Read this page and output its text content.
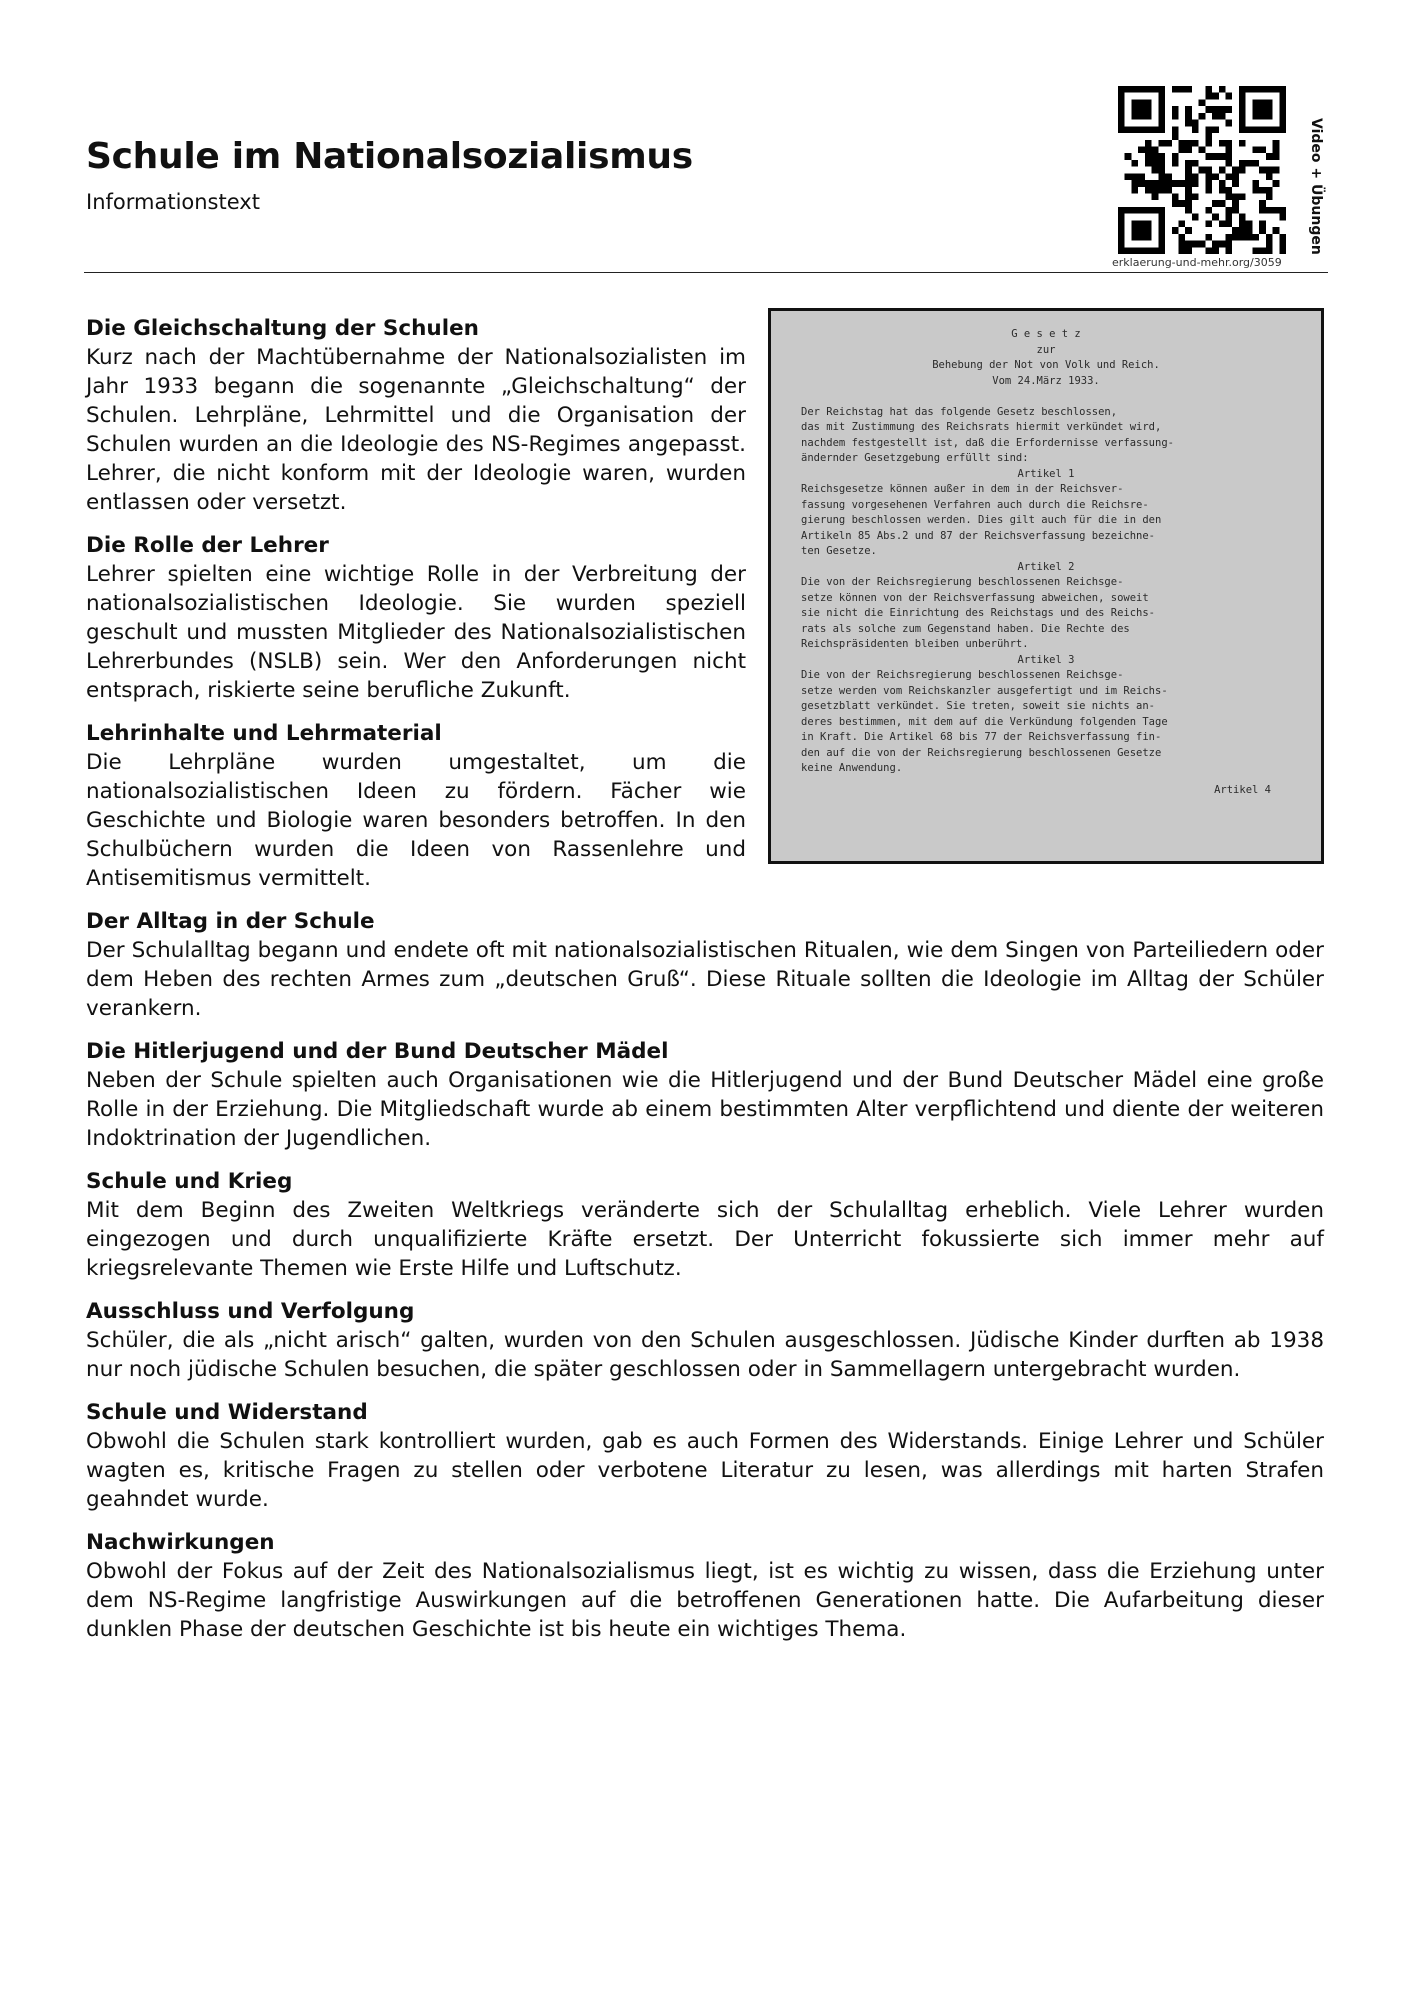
Schule im Nationalsozialismus

Informationstext

erklaerung-und-mehr.org/3059
Video + Übungen
G e s e t z
zur
Behebung der Not von Volk und Reich.
Vom 24.März 1933.

Der Reichstag hat das folgende Gesetz beschlossen,
das mit Zustimmung des Reichsrats hiermit verkündet wird,
nachdem festgestellt ist, daß die Erfordernisse verfassung-
ändernder Gesetzgebung erfüllt sind:
Artikel 1
Reichsgesetze können außer in dem in der Reichsver-
fassung vorgesehenen Verfahren auch durch die Reichsre-
gierung beschlossen werden. Dies gilt auch für die in den
Artikeln 85 Abs.2 und 87 der Reichsverfassung bezeichne-
ten Gesetze.
Artikel 2
Die von der Reichsregierung beschlossenen Reichsge-
setze können von der Reichsverfassung abweichen, soweit
sie nicht die Einrichtung des Reichstags und des Reichs-
rats als solche zum Gegenstand haben. Die Rechte des
Reichspräsidenten bleiben unberührt.
Artikel 3
Die von der Reichsregierung beschlossenen Reichsge-
setze werden vom Reichskanzler ausgefertigt und im Reichs-
gesetzblatt verkündet. Sie treten, soweit sie nichts an-
deres bestimmen, mit dem auf die Verkündung folgenden Tage
in Kraft. Die Artikel 68 bis 77 der Reichsverfassung fin-
den auf die von der Reichsregierung beschlossenen Gesetze
keine Anwendung.
Artikel 4
Die Gleichschaltung der Schulen

Kurz nach der Machtübernahme der Nationalsozialisten im Jahr 1933 begann die sogenannte „Gleichschaltung“ der Schulen. Lehrpläne, Lehrmittel und die Organisation der Schulen wurden an die Ideologie des NS-Regimes angepasst. Lehrer, die nicht konform mit der Ideologie waren, wurden entlassen oder versetzt.

Die Rolle der Lehrer

Lehrer spielten eine wichtige Rolle in der Verbreitung der nationalsozialistischen Ideologie. Sie wurden speziell geschult und mussten Mitglieder des Nationalsozialistischen Lehrerbundes (NSLB) sein. Wer den Anforderungen nicht entsprach, riskierte seine berufliche Zukunft.

Lehrinhalte und Lehrmaterial

Die Lehrpläne wurden umgestaltet, um die nationalsozialistischen Ideen zu fördern. Fächer wie Geschichte und Biologie waren besonders betroffen. In den Schulbüchern wurden die Ideen von Rassenlehre und Antisemitismus vermittelt.

Der Alltag in der Schule

Der Schulalltag begann und endete oft mit nationalsozialistischen Ritualen, wie dem Singen von Parteiliedern oder dem Heben des rechten Armes zum „deutschen Gruß“. Diese Rituale sollten die Ideologie im Alltag der Schüler verankern.

Die Hitlerjugend und der Bund Deutscher Mädel

Neben der Schule spielten auch Organisationen wie die Hitlerjugend und der Bund Deutscher Mädel eine große Rolle in der Erziehung. Die Mitgliedschaft wurde ab einem bestimmten Alter verpflichtend und diente der weiteren Indoktrination der Jugendlichen.

Schule und Krieg

Mit dem Beginn des Zweiten Weltkriegs veränderte sich der Schulalltag erheblich. Viele Lehrer wurden eingezogen und durch unqualifizierte Kräfte ersetzt. Der Unterricht fokussierte sich immer mehr auf kriegsrelevante Themen wie Erste Hilfe und Luftschutz.

Ausschluss und Verfolgung

Schüler, die als „nicht arisch“ galten, wurden von den Schulen ausgeschlossen. Jüdische Kinder durften ab 1938 nur noch jüdische Schulen besuchen, die später geschlossen oder in Sammellagern untergebracht wurden.

Schule und Widerstand

Obwohl die Schulen stark kontrolliert wurden, gab es auch Formen des Widerstands. Einige Lehrer und Schüler wagten es, kritische Fragen zu stellen oder verbotene Literatur zu lesen, was allerdings mit harten Strafen geahndet wurde.

Nachwirkungen

Obwohl der Fokus auf der Zeit des Nationalsozialismus liegt, ist es wichtig zu wissen, dass die Erziehung unter dem NS-Regime langfristige Auswirkungen auf die betroffenen Generationen hatte. Die Aufarbeitung dieser dunklen Phase der deutschen Geschichte ist bis heute ein wichtiges Thema.
